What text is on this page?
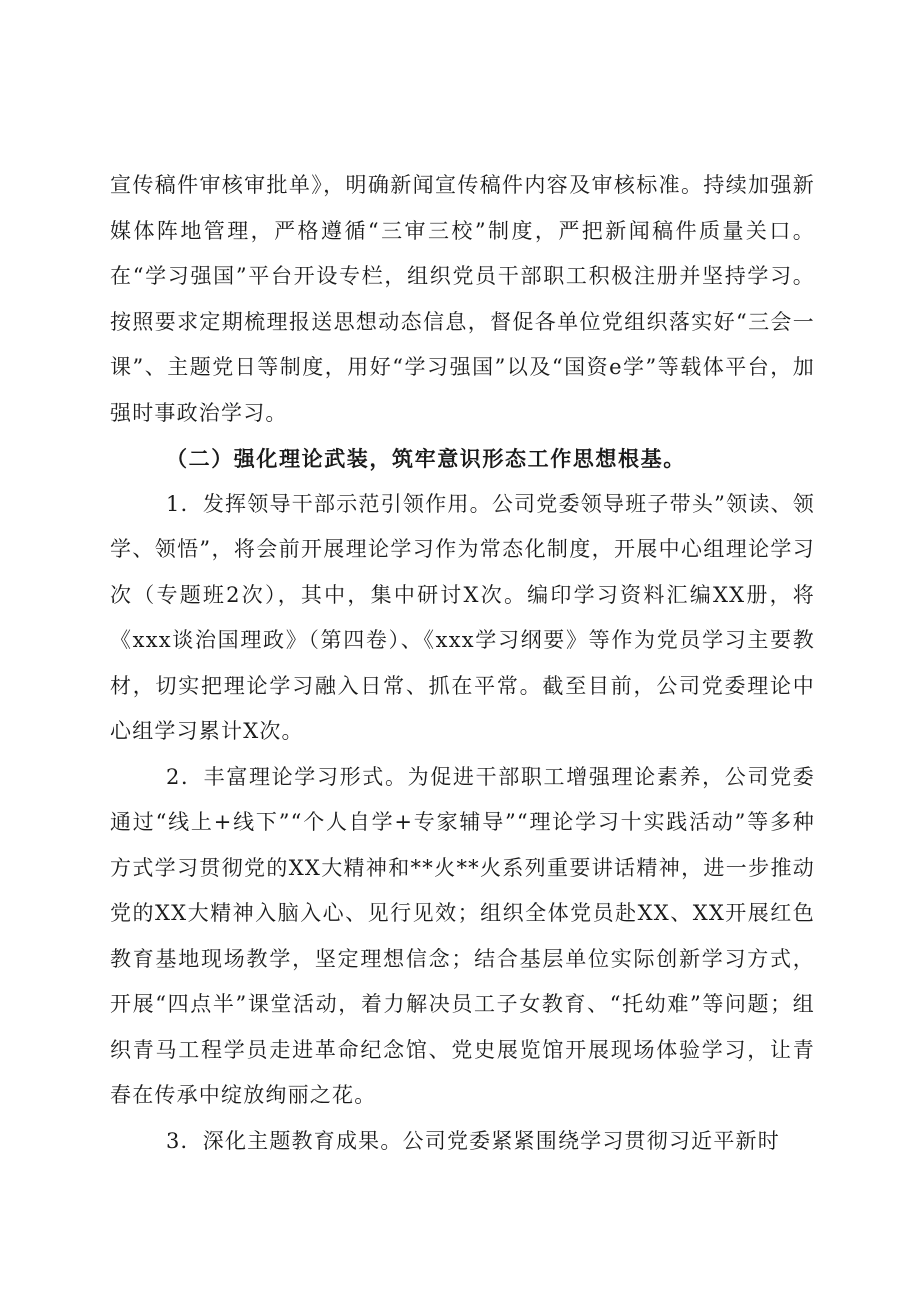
宣传稿件审核审批单》，明确新闻宣传稿件内容及审核标准。持续加强新媒体阵地管理，严格遵循“三审三校”制度，严把新闻稿件质量关口。在“学习强国”平台开设专栏，组织党员干部职工积极注册并坚持学习。按照要求定期梳理报送思想动态信息，督促各单位党组织落实好“三会一课”、主题党日等制度，用好“学习强国”以及“国资e学”等载体平台，加强时事政治学习。

（二）强化理论武装，筑牢意识形态工作思想根基。

1．发挥领导干部示范引领作用。公司党委领导班子带头”领读、领学、领悟”，将会前开展理论学习作为常态化制度，开展中心组理论学习次（专题班2次），其中，集中研讨X次。编印学习资料汇编XX册，将《xxx谈治国理政》（第四卷）、《xxx学习纲要》等作为党员学习主要教材，切实把理论学习融入日常、抓在平常。截至目前，公司党委理论中心组学习累计X次。

2．丰富理论学习形式。为促进干部职工增强理论素养，公司党委通过“线上+线下”“个人自学+专家辅导”“理论学习十实践活动”等多种方式学习贯彻党的XX大精神和**火**火系列重要讲话精神，进一步推动党的XX大精神入脑入心、见行见效；组织全体党员赴XX、XX开展红色教育基地现场教学，坚定理想信念；结合基层单位实际创新学习方式，开展“四点半”课堂活动，着力解决员工子女教育、“托幼难”等问题；组织青马工程学员走进革命纪念馆、党史展览馆开展现场体验学习，让青春在传承中绽放绚丽之花。

3．深化主题教育成果。公司党委紧紧围绕学习贯彻习近平新时
